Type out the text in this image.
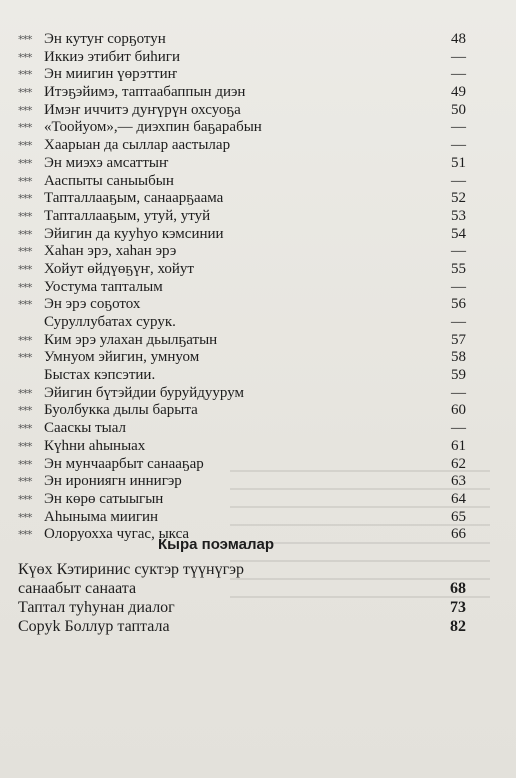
*** Эн кутуҥ сорҕотун	48
*** Иккиэ этибит биһиги	—
*** Эн миигин үөрэттиҥ	—
*** Итэҕэйимэ, таптаабаппын диэн	49
*** Имэҥ иччитэ дуҥүрүн охсуоҕа	50
*** «Тоойуом»,— диэхпин баҕарабын	—
*** Хаарыан да сыллар аастылар	—
*** Эн миэхэ амсаттыҥ	51
*** Ааспыты саныыбын	—
*** Тапталлааҕым, санаарҕаама	52
*** Тапталлааҕым, утуй, утуй	53
*** Эйигин да кууһуо кэмсинии	54
*** Хаһан эрэ, хаһан эрэ	—
*** Хойут өйдүөҕүҥ, хойут	55
*** Уостума тапталым	—
*** Эн эрэ соҕотох	56
Суруллубатах сурук.	—
*** Ким эрэ улахан дьылҕатын	57
*** Умнуом эйигин, умнуом	58
Быстах кэпсэтии.	59
*** Эйигин бүтэйдии буруйдуурум	—
*** Буолбукка дылы барыта	60
*** Сааскы тыал	—
*** Күһни аһыныах	61
*** Эн мунчаарбыт санааҕар	62
*** Эн ирониягн иннигэр	63
*** Эн көрө сатыыгын	64
*** Аһыныма миигин	65
*** Олоруохха чугас, ыкса	66
Кыра поэмалар
Күөх Кэтиринис суктэр түүнүгэр
санаабыт санаата	68
Таптал туһунан диалог	73
Соруk Боллур таптала	82
